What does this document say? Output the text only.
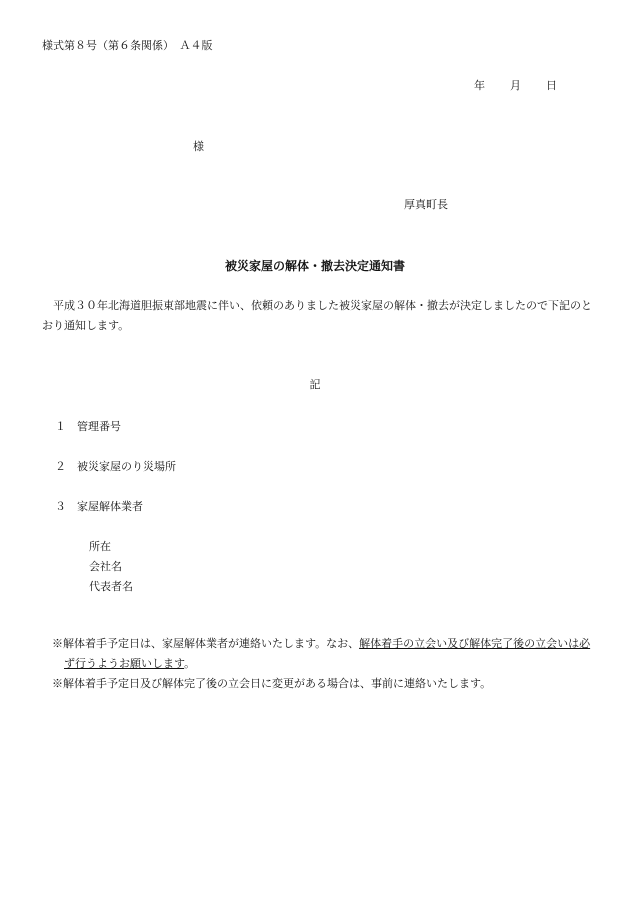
様式第８号（第６条関係）　Ａ４版
年 月 日
様
厚真町長
被災家屋の解体・撤去決定通知書
　平成３０年北海道胆振東部地震に伴い、依頼のありました被災家屋の解体・撤去が決定しましたので下記のとおり通知します。
記
１ 管理番号
２ 被災家屋のり災場所
３ 家屋解体業者
所在
会社名
代表者名
※解体着手予定日は、家屋解体業者が連絡いたします。なお、解体着手の立会い及び解体完了後の立会いは必ず行うようお願いします。
※解体着手予定日及び解体完了後の立会日に変更がある場合は、事前に連絡いたします。
